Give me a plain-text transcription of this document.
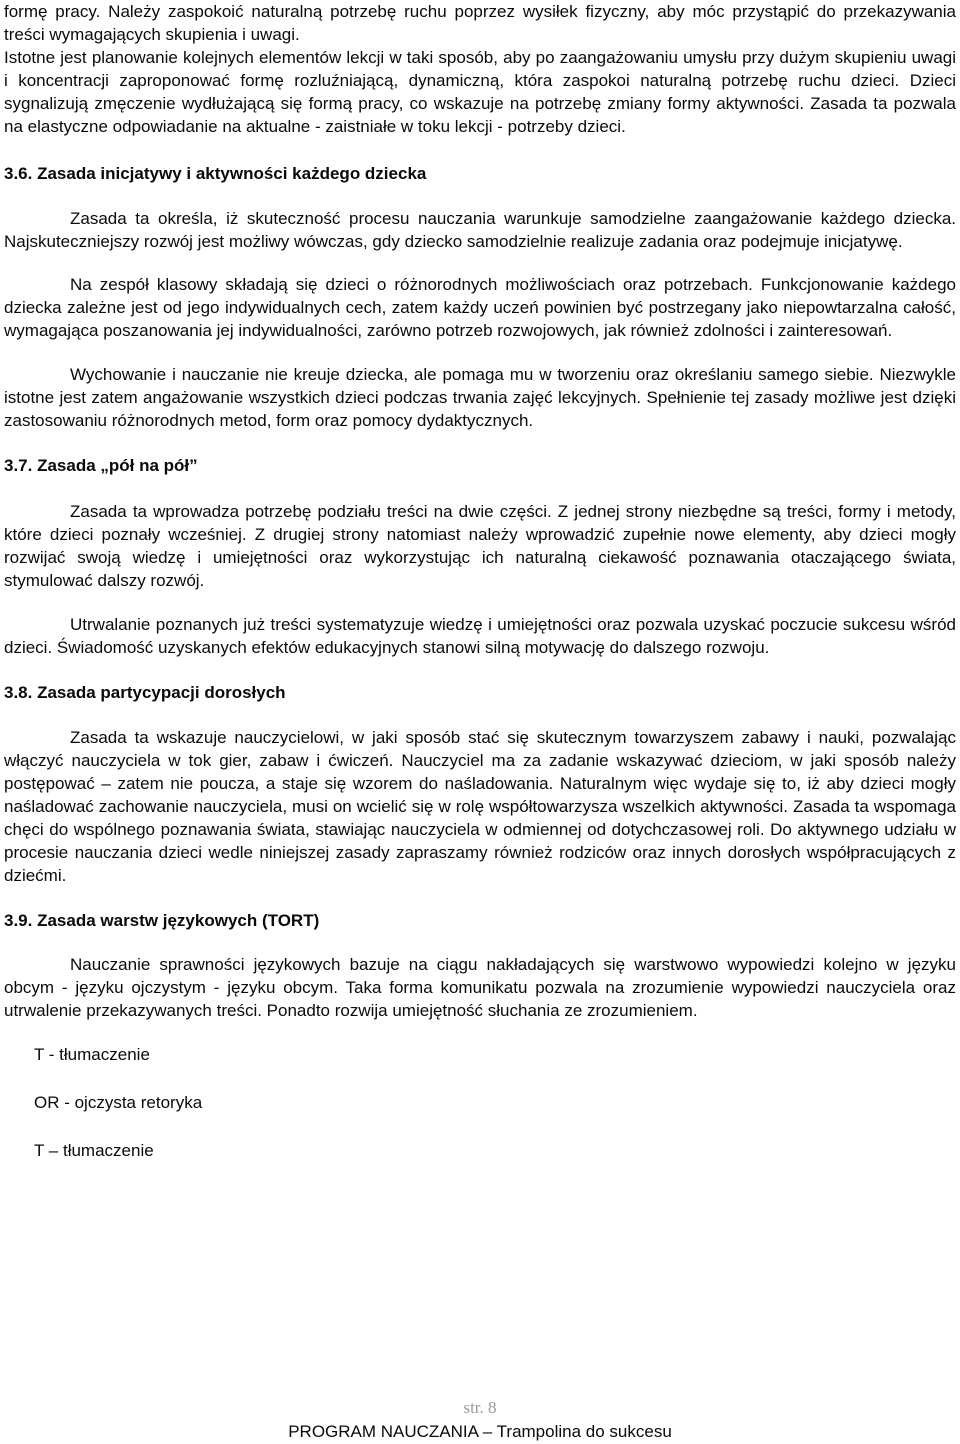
formę pracy. Należy zaspokoić naturalną potrzebę ruchu poprzez wysiłek fizyczny, aby móc przystąpić do przekazywania treści wymagających skupienia i uwagi.

Istotne jest planowanie kolejnych elementów lekcji w taki sposób, aby po zaangażowaniu umysłu przy dużym skupieniu uwagi i koncentracji zaproponować formę rozluźniającą, dynamiczną, która zaspokoi naturalną potrzebę ruchu dzieci. Dzieci sygnalizują zmęczenie wydłużającą się formą pracy, co wskazuje na potrzebę zmiany formy aktywności. Zasada ta pozwala na elastyczne odpowiadanie na aktualne - zaistniałe w toku lekcji - potrzeby dzieci.

3.6. Zasada inicjatywy i aktywności każdego dziecka

Zasada ta określa, iż skuteczność procesu nauczania warunkuje samodzielne zaangażowanie każdego dziecka. Najskuteczniejszy rozwój jest możliwy wówczas, gdy dziecko samodzielnie realizuje zadania oraz podejmuje inicjatywę.

Na zespół klasowy składają się dzieci o różnorodnych możliwościach oraz potrzebach. Funkcjonowanie każdego dziecka zależne jest od jego indywidualnych cech, zatem każdy uczeń powinien być postrzegany jako niepowtarzalna całość, wymagająca poszanowania jej indywidualności, zarówno potrzeb rozwojowych, jak również zdolności i zainteresowań.

Wychowanie i nauczanie nie kreuje dziecka, ale pomaga mu w tworzeniu oraz określaniu samego siebie. Niezwykle istotne jest zatem angażowanie wszystkich dzieci podczas trwania zajęć lekcyjnych. Spełnienie tej zasady możliwe jest dzięki zastosowaniu różnorodnych metod, form oraz pomocy dydaktycznych.

3.7. Zasada „pół na pół”

Zasada ta wprowadza potrzebę podziału treści na dwie części. Z jednej strony niezbędne są treści, formy i metody, które dzieci poznały wcześniej. Z drugiej strony natomiast należy wprowadzić zupełnie nowe elementy, aby dzieci mogły rozwijać swoją wiedzę i umiejętności oraz wykorzystując ich naturalną ciekawość poznawania otaczającego świata, stymulować dalszy rozwój.

Utrwalanie poznanych już treści systematyzuje wiedzę i umiejętności oraz pozwala uzyskać poczucie sukcesu wśród dzieci. Świadomość uzyskanych efektów edukacyjnych stanowi silną motywację do dalszego rozwoju.

3.8. Zasada partycypacji dorosłych

Zasada ta wskazuje nauczycielowi, w jaki sposób stać się skutecznym towarzyszem zabawy i nauki, pozwalając włączyć nauczyciela w tok gier, zabaw i ćwiczeń. Nauczyciel ma za zadanie wskazywać dzieciom, w jaki sposób należy postępować – zatem nie poucza, a staje się wzorem do naśladowania. Naturalnym więc wydaje się to, iż aby dzieci mogły naśladować zachowanie nauczyciela, musi on wcielić się w rolę współtowarzysza wszelkich aktywności. Zasada ta wspomaga chęci do wspólnego poznawania świata, stawiając nauczyciela w odmiennej od dotychczasowej roli. Do aktywnego udziału w procesie nauczania dzieci wedle niniejszej zasady zapraszamy również rodziców oraz innych dorosłych współpracujących z dziećmi.

3.9. Zasada warstw językowych (TORT)

Nauczanie sprawności językowych bazuje na ciągu nakładających się warstwowo wypowiedzi kolejno w języku obcym - języku ojczystym - języku obcym. Taka forma komunikatu pozwala na zrozumienie wypowiedzi nauczyciela oraz utrwalenie przekazywanych treści. Ponadto rozwija umiejętność słuchania ze zrozumieniem.

T - tłumaczenie

OR - ojczysta retoryka

T – tłumaczenie

str. 8
PROGRAM NAUCZANIA – Trampolina do sukcesu
